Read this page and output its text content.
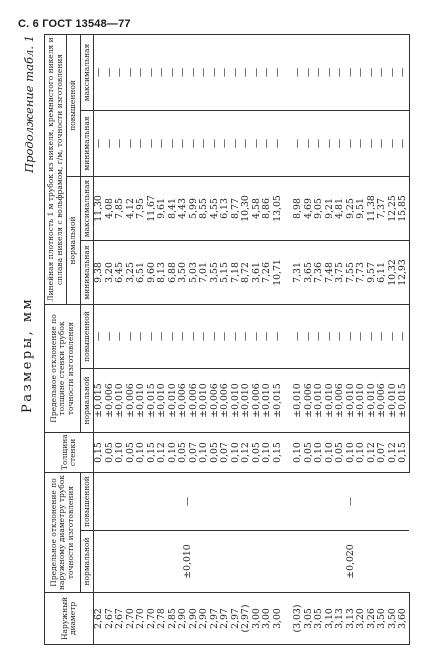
С. 6 ГОСТ 13548—77
Размеры, мм
Продолжение табл. 1
Наружный диаметр	Предельное отклонение по наружному диаметру трубок точности изготовления		Толщина стенки	Предельное отклонение по толщине стенки трубок точности изготовления		Линейная плотность 1 м трубок из никеля, кремнистого никеля и сплава никеля с вольфрамом, г/м, точности изготовления			
						нормальной		повышенной	
	нормальной	повышенной		нормальной	повышенной	минимальная	максимальная	минимальная	максимальная
2,62	±0,010	—	0,15	±0,015	—	9,38	11,30	—	—
2,67			0,05	±0,006	—	3,20	4,08	—	—
2,67			0,10	±0,010	—	6,45	7,85	—	—
2,70			0,05	±0,006	—	3,25	4,12	—	—
2,70			0,10	±0,010	—	6,51	7,95	—	—
2,70			0,15	±0,015	—	9,60	11,67	—	—
2,78			0,12	±0,010	—	8,13	9,61	—	—
2,85			0,10	±0,010	—	6,88	8,41	—	—
2,90			0,05	±0,006	—	3,50	4,43	—	—
2,90			0,07	±0,006	—	5,03	5,99	—	—
2,90			0,10	±0,010	—	7,01	8,55	—	—
2,97			0,05	±0,006	—	3,55	4,55	—	—
2,97			0,07	±0,006	—	5,15	6,13	—	—
2,97			0,10	±0,010	—	7,18	8,77	—	—
(2,97)			0,12	±0,010	—	8,72	10,30	—	—
3,00			0,05	±0,006	—	3,61	4,58	—	—
3,00			0,10	±0,010	—	7,26	8,86	—	—
3,00			0,15	±0,015	—	10,71	13,05	—	—

(3,03)	±0,020	—	0,10	±0,010	—	7,31	8,98	—	—
3,05			0,05	±0,006	—	3,65	4,69	—	—
3,05			0,10	±0,010	—	7,36	9,05	—	—
3,10			0,10	±0,010	—	7,48	9,21	—	—
3,13			0,05	±0,006	—	3,75	4,81	—	—
3,13			0,10	±0,010	—	7,55	9,25	—	—
3,20			0,10	±0,010	—	7,73	9,51	—	—
3,26			0,12	±0,010	—	9,57	11,38	—	—
3,50			0,07	±0,006	—	6,11	7,37	—	—
3,50			0,12	±0,010	—	10,32	12,25	—	—
3,60			0,15	±0,015	—	12,93	15,85	—	—
